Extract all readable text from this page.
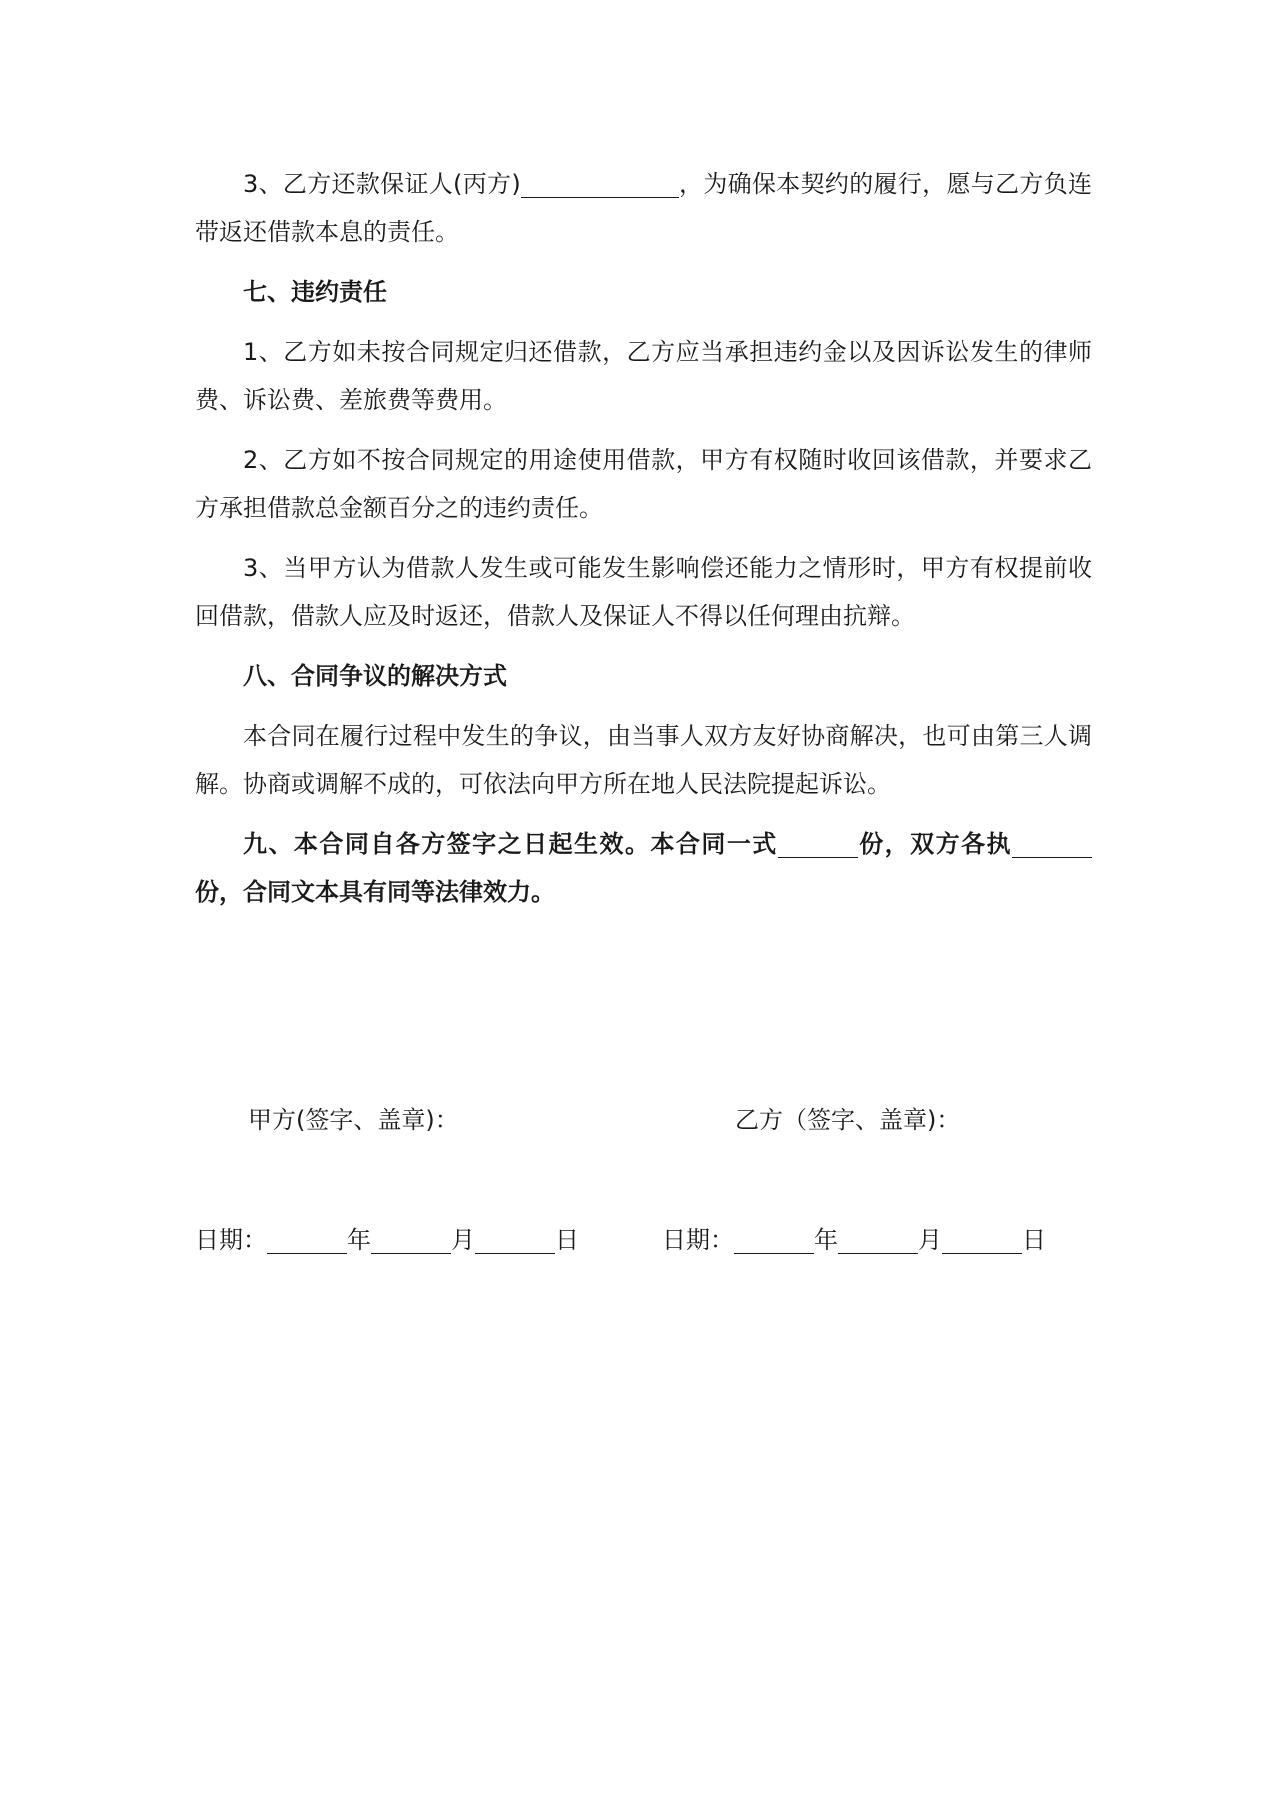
3、乙方还款保证人(丙方)	，为确保本契约的履行，愿与乙方负连带返还借款本息的责任。

七、违约责任

1、乙方如未按合同规定归还借款，乙方应当承担违约金以及因诉讼发生的律师费、诉讼费、差旅费等费用。

2、乙方如不按合同规定的用途使用借款，甲方有权随时收回该借款，并要求乙方承担借款总金额百分之的违约责任。

3、当甲方认为借款人发生或可能发生影响偿还能力之情形时，甲方有权提前收回借款，借款人应及时返还，借款人及保证人不得以任何理由抗辩。

八、合同争议的解决方式

本合同在履行过程中发生的争议，由当事人双方友好协商解决，也可由第三人调解。协商或调解不成的，可依法向甲方所在地人民法院提起诉讼。

九、本合同自各方签字之日起生效。本合同一式	份，双方各执份，合同文本具有同等法律效力。

甲方(签字、盖章)：	乙方（签字、盖章)：
日期：	年	月	日	日期：	年	月	日
